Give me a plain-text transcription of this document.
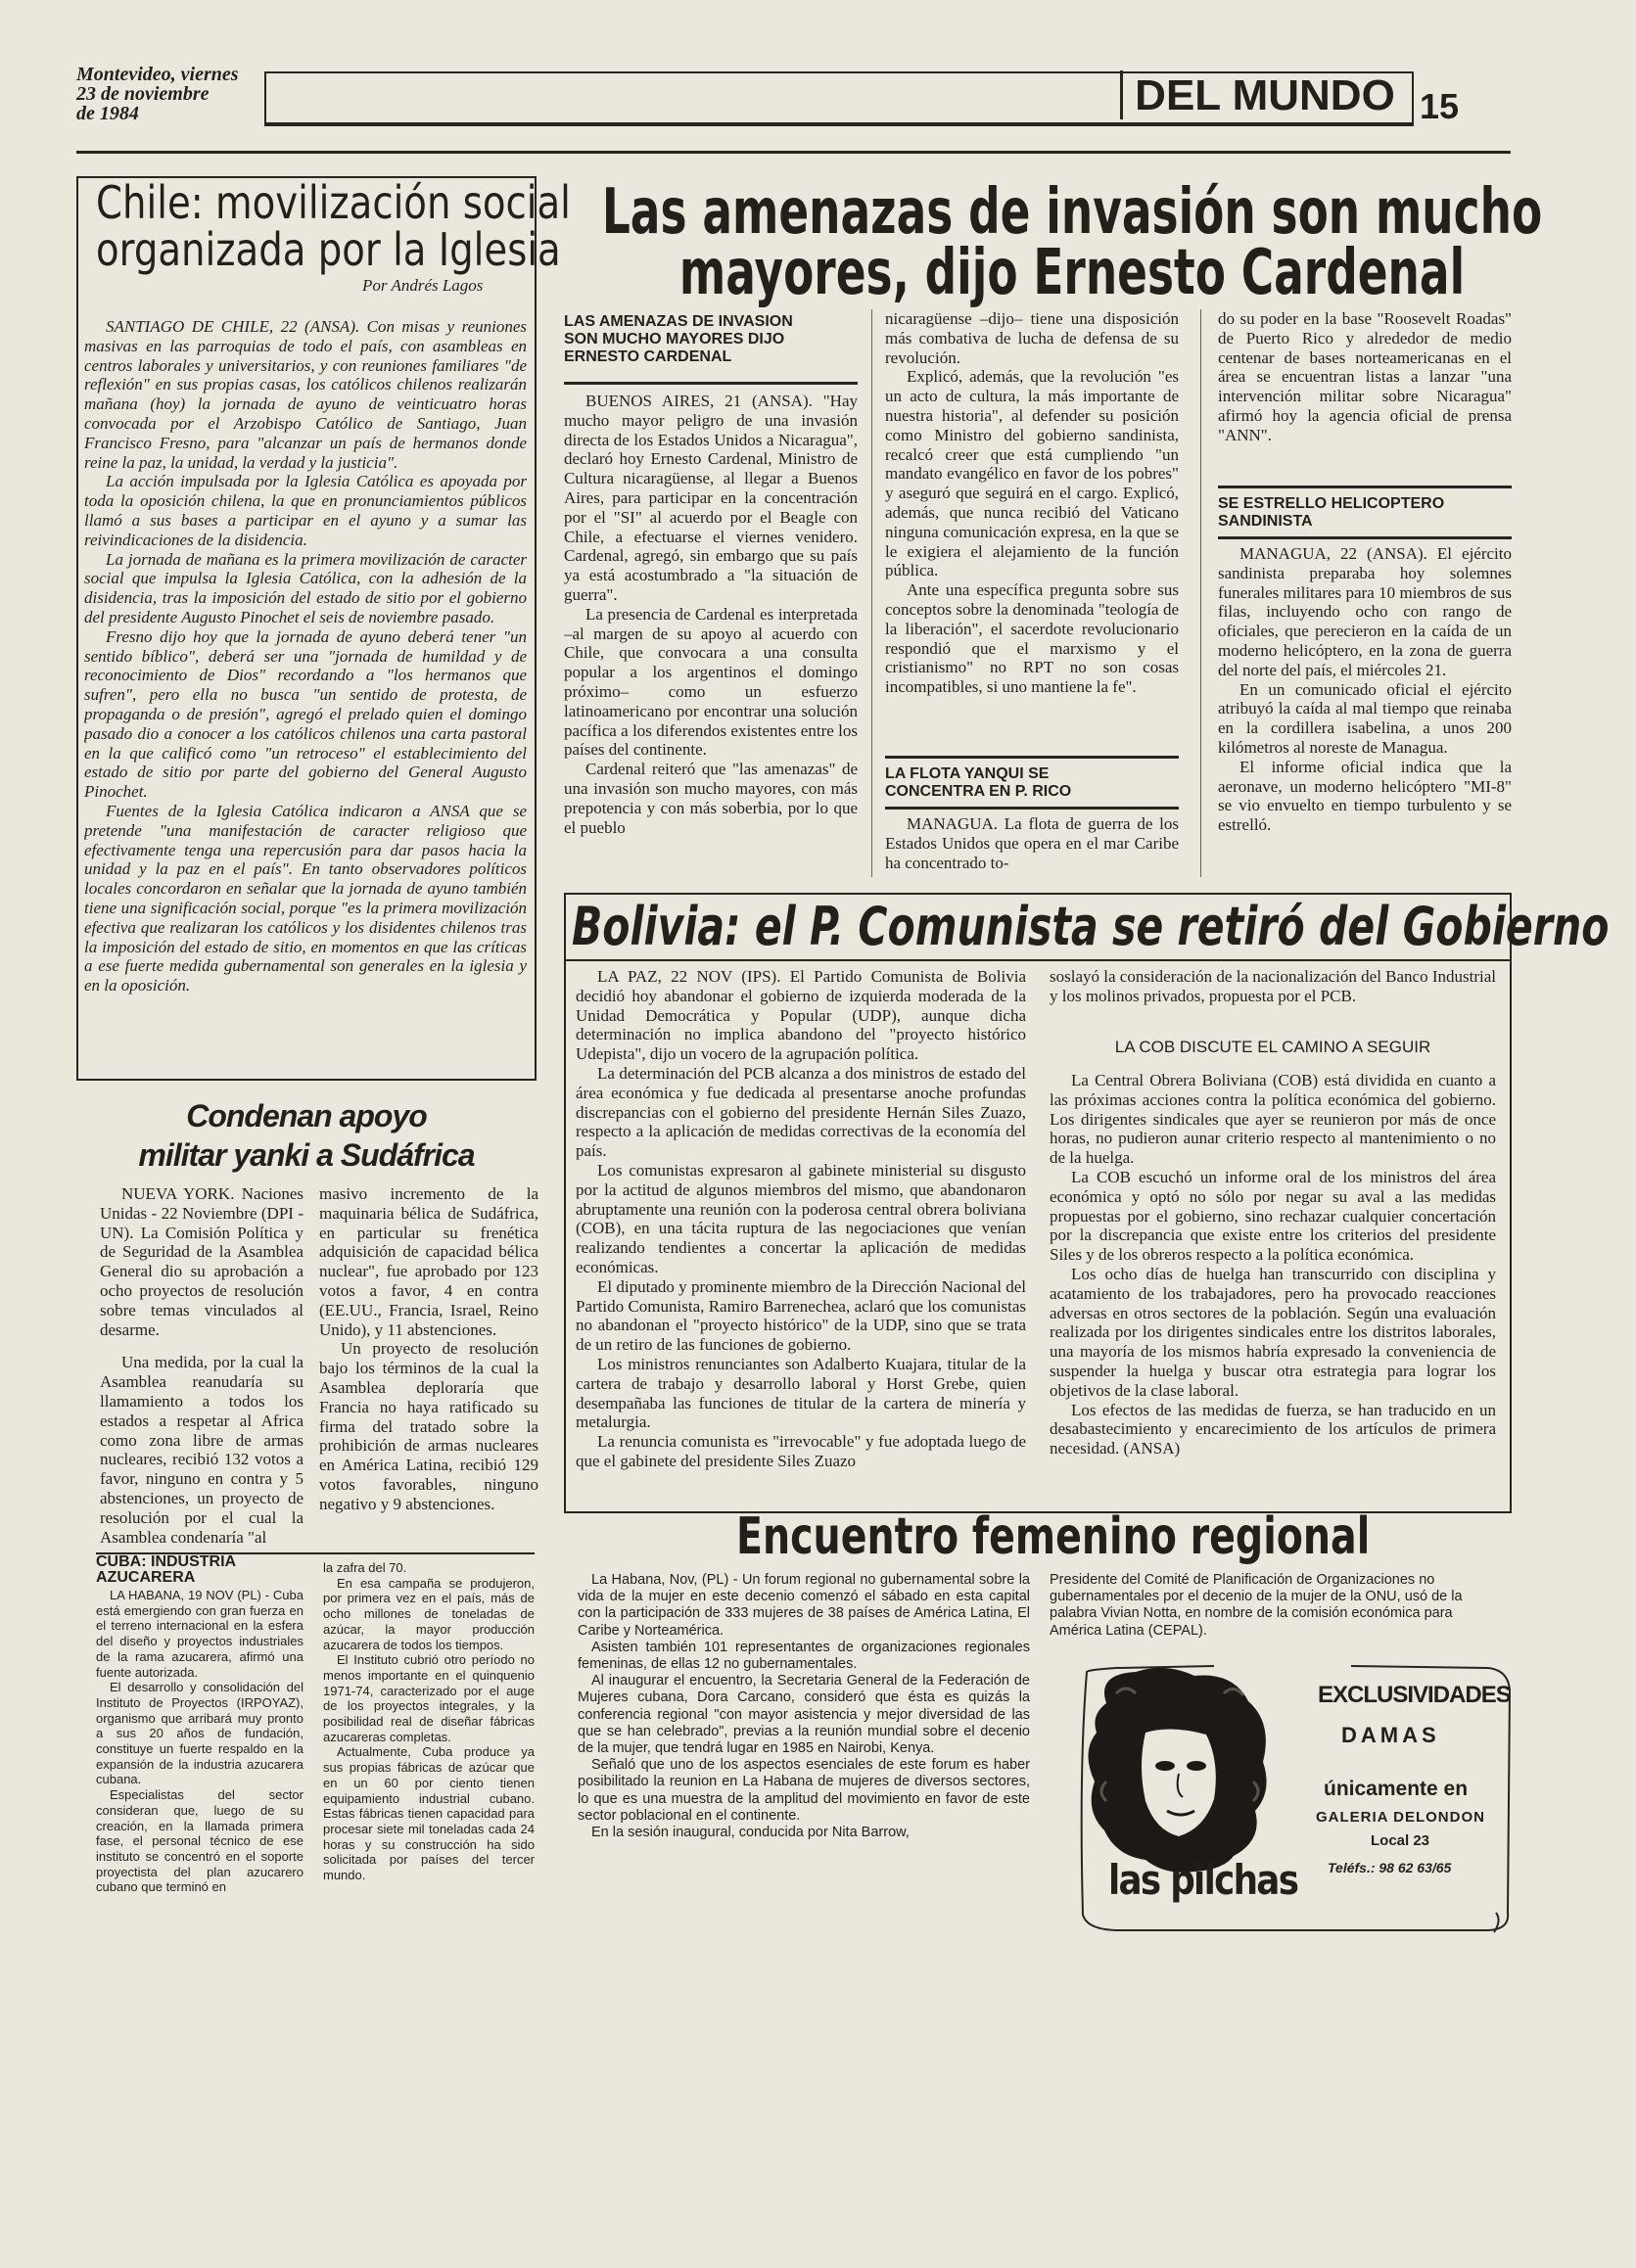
Montevideo, viernes
23 de noviembre
de 1984	DEL MUNDO 15
Chile: movilización social
organizada por la Iglesia
Por Andrés Lagos

SANTIAGO DE CHILE, 22 (ANSA). Con misas y reuniones masivas en las parroquias de todo el país, con asambleas en centros laborales y universitarios, y con reuniones familiares "de reflexión" en sus propias casas, los católicos chilenos realizarán mañana (hoy) la jornada de ayuno de veinticuatro horas convocada por el Arzobispo Católico de Santiago, Juan Francisco Fresno, para "alcanzar un país de hermanos donde reine la paz, la unidad, la verdad y la justicia".

La acción impulsada por la Iglesia Católica es apoyada por toda la oposición chilena, la que en pronunciamientos públicos llamó a sus bases a participar en el ayuno y a sumar las reivindicaciones de la disidencia.

La jornada de mañana es la primera movilización de caracter social que impulsa la Iglesia Católica, con la adhesión de la disidencia, tras la imposición del estado de sitio por el gobierno del presidente Augusto Pinochet el seis de noviembre pasado.

Fresno dijo hoy que la jornada de ayuno deberá tener "un sentido bíblico", deberá ser una "jornada de humildad y de reconocimiento de Dios" recordando a "los hermanos que sufren", pero ella no busca "un sentido de protesta, de propaganda o de presión", agregó el prelado quien el domingo pasado dio a conocer a los católicos chilenos una carta pastoral en la que calificó como "un retroceso" el establecimiento del estado de sitio por parte del gobierno del General Augusto Pinochet.

Fuentes de la Iglesia Católica indicaron a ANSA que se pretende "una manifestación de caracter religioso que efectivamente tenga una repercusión para dar pasos hacia la unidad y la paz en el país". En tanto observadores políticos locales concordaron en señalar que la jornada de ayuno también tiene una significación social, porque "es la primera movilización efectiva que realizaran los católicos y los disidentes chilenos tras la imposición del estado de sitio, en momentos en que las críticas a ese fuerte medida gubernamental son generales en la iglesia y en la oposición.

Las amenazas de invasión son mucho
mayores, dijo Ernesto Cardenal
LAS AMENAZAS DE INVASION
SON MUCHO MAYORES DIJO
ERNESTO CARDENAL

BUENOS AIRES, 21 (ANSA). "Hay mucho mayor peligro de una invasión directa de los Estados Unidos a Nicaragua", declaró hoy Ernesto Cardenal, Ministro de Cultura nicaragüense, al llegar a Buenos Aires, para participar en la concentración por el "SI" al acuerdo por el Beagle con Chile, a efectuarse el viernes venidero. Cardenal, agregó, sin embargo que su país ya está acostumbrado a "la situación de guerra".

La presencia de Cardenal es interpretada –al margen de su apoyo al acuerdo con Chile, que convocara a una consulta popular a los argentinos el domingo próximo– como un esfuerzo latinoamericano por encontrar una solución pacífica a los diferendos existentes entre los países del continente.

Cardenal reiteró que "las amenazas" de una invasión son mucho mayores, con más prepotencia y con más soberbia, por lo que el pueblo

nicaragüense –dijo– tiene una disposición más combativa de lucha de defensa de su revolución.

Explicó, además, que la revolución "es un acto de cultura, la más importante de nuestra historia", al defender su posición como Ministro del gobierno sandinista, recalcó creer que está cumpliendo "un mandato evangélico en favor de los pobres" y aseguró que seguirá en el cargo. Explicó, además, que nunca recibió del Vaticano ninguna comunicación expresa, en la que se le exigiera el alejamiento de la función pública.

Ante una específica pregunta sobre sus conceptos sobre la denominada "teología de la liberación", el sacerdote revolucionario respondió que el marxismo y el cristianismo" no RPT no son cosas incompatibles, si uno mantiene la fe".

LA FLOTA YANQUI SE
CONCENTRA EN P. RICO

MANAGUA. La flota de guerra de los Estados Unidos que opera en el mar Caribe ha concentrado to-

do su poder en la base "Roosevelt Roadas" de Puerto Rico y alrededor de medio centenar de bases norteamericanas en el área se encuentran listas a lanzar "una intervención militar sobre Nicaragua" afirmó hoy la agencia oficial de prensa "ANN".

SE ESTRELLO HELICOPTERO
SANDINISTA

MANAGUA, 22 (ANSA). El ejército sandinista preparaba hoy solemnes funerales militares para 10 miembros de sus filas, incluyendo ocho con rango de oficiales, que perecieron en la caída de un moderno helicóptero, en la zona de guerra del norte del país, el miércoles 21.

En un comunicado oficial el ejército atribuyó la caída al mal tiempo que reinaba en la cordillera isabelina, a unos 200 kilómetros al noreste de Managua.

El informe oficial indica que la aeronave, un moderno helicóptero "MI-8" se vio envuelto en tiempo turbulento y se estrelló.

Bolivia: el P. Comunista se retiró del Gobierno

LA PAZ, 22 NOV (IPS). El Partido Comunista de Bolivia decidió hoy abandonar el gobierno de izquierda moderada de la Unidad Democrática y Popular (UDP), aunque dicha determinación no implica abandono del "proyecto histórico Udepista", dijo un vocero de la agrupación política.

La determinación del PCB alcanza a dos ministros de estado del área económica y fue dedicada al presentarse anoche profundas discrepancias con el gobierno del presidente Hernán Siles Zuazo, respecto a la aplicación de medidas correctivas de la economía del país.

Los comunistas expresaron al gabinete ministerial su disgusto por la actitud de algunos miembros del mismo, que abandonaron abruptamente una reunión con la poderosa central obrera boliviana (COB), en una tácita ruptura de las negociaciones que venían realizando tendientes a concertar la aplicación de medidas económicas.

El diputado y prominente miembro de la Dirección Nacional del Partido Comunista, Ramiro Barrenechea, aclaró que los comunistas no abandonan el "proyecto histórico" de la UDP, sino que se trata de un retiro de las funciones de gobierno.

Los ministros renunciantes son Adalberto Kuajara, titular de la cartera de trabajo y desarrollo laboral y Horst Grebe, quien desempañaba las funciones de titular de la cartera de minería y metalurgia.

La renuncia comunista es "irrevocable" y fue adoptada luego de que el gabinete del presidente Siles Zuazo

soslayó la consideración de la nacionalización del Banco Industrial y los molinos privados, propuesta por el PCB.

LA COB DISCUTE EL CAMINO A SEGUIR

La Central Obrera Boliviana (COB) está dividida en cuanto a las próximas acciones contra la política económica del gobierno. Los dirigentes sindicales que ayer se reunieron por más de once horas, no pudieron aunar criterio respecto al mantenimiento o no de la huelga.

La COB escuchó un informe oral de los ministros del área económica y optó no sólo por negar su aval a las medidas propuestas por el gobierno, sino rechazar cualquier concertación por la discrepancia que existe entre los criterios del presidente Siles y de los obreros respecto a la política económica.

Los ocho días de huelga han transcurrido con disciplina y acatamiento de los trabajadores, pero ha provocado reacciones adversas en otros sectores de la población. Según una evaluación realizada por los dirigentes sindicales entre los distritos laborales, una mayoría de los mismos habría expresado la conveniencia de suspender la huelga y buscar otra estrategia para lograr los objetivos de la clase laboral.

Los efectos de las medidas de fuerza, se han traducido en un desabastecimiento y encarecimiento de los artículos de primera necesidad. (ANSA)

Condenan apoyo
militar yanki a Sudáfrica

NUEVA YORK. Naciones Unidas - 22 Noviembre (DPI - UN). La Comisión Política y de Seguridad de la Asamblea General dio su aprobación a ocho proyectos de resolución sobre temas vinculados al desarme.

Una medida, por la cual la Asamblea reanudaría su llamamiento a todos los estados a respetar al Africa como zona libre de armas nucleares, recibió 132 votos a favor, ninguno en contra y 5 abstenciones, un proyecto de resolución por el cual la Asamblea condenaría "al

masivo incremento de la maquinaria bélica de Sudáfrica, en particular su frenética adquisición de capacidad bélica nuclear", fue aprobado por 123 votos a favor, 4 en contra (EE.UU., Francia, Israel, Reino Unido), y 11 abstenciones.

Un proyecto de resolución bajo los términos de la cual la Asamblea deploraría que Francia no haya ratificado su firma del tratado sobre la prohibición de armas nucleares en América Latina, recibió 129 votos favorables, ninguno negativo y 9 abstenciones.

CUBA: INDUSTRIA
AZUCARERA

LA HABANA, 19 NOV (PL) - Cuba está emergiendo con gran fuerza en el terreno internacional en la esfera del diseño y proyectos industriales de la rama azucarera, afirmó una fuente autorizada.

El desarrollo y consolidación del Instituto de Proyectos (IRPOYAZ), organismo que arribará muy pronto a sus 20 años de fundación, constituye un fuerte respaldo en la expansión de la industria azucarera cubana.

Especialistas del sector consideran que, luego de su creación, en la llamada primera fase, el personal técnico de ese instituto se concentró en el soporte proyectista del plan azucarero cubano que terminó en

la zafra del 70.

En esa campaña se produjeron, por primera vez en el país, más de ocho millones de toneladas de azúcar, la mayor producción azucarera de todos los tiempos.

El Instituto cubrió otro período no menos importante en el quinquenio 1971-74, caracterizado por el auge de los proyectos integrales, y la posibilidad real de diseñar fábricas azucareras completas.

Actualmente, Cuba produce ya sus propias fábricas de azúcar que en un 60 por ciento tienen equipamiento industrial cubano. Estas fábricas tienen capacidad para procesar siete mil toneladas cada 24 horas y su construcción ha sido solicitada por países del tercer mundo.

Encuentro femenino regional

La Habana, Nov, (PL) - Un forum regional no gubernamental sobre la vida de la mujer en este decenio comenzó el sábado en esta capital con la participación de 333 mujeres de 38 países de América Latina, El Caribe y Norteamérica.

Asisten también 101 representantes de organizaciones regionales femeninas, de ellas 12 no gubernamentales.

Al inaugurar el encuentro, la Secretaria General de la Federación de Mujeres cubana, Dora Carcano, consideró que ésta es quizás la conferencia regional "con mayor asistencia y mejor diversidad de las que se han celebrado", previas a la reunión mundial sobre el decenio de la mujer, que tendrá lugar en 1985 en Nairobi, Kenya.

Señaló que uno de los aspectos esenciales de este forum es haber posibilitado la reunion en La Habana de mujeres de diversos sectores, lo que es una muestra de la amplitud del movimiento en favor de este sector poblacional en el continente.

En la sesión inaugural, conducida por Nita Barrow,

Presidente del Comité de Planificación de Organizaciones no gubernamentales por el decenio de la mujer de la ONU, usó de la palabra Vivian Notta, en nombre de la comisión económica para América Latina (CEPAL).

EXCLUSIVIDADES
DAMAS
únicamente en
GALERIA DELONDON
Local 23
Teléfs.: 98 62 63/65
las pilchas
